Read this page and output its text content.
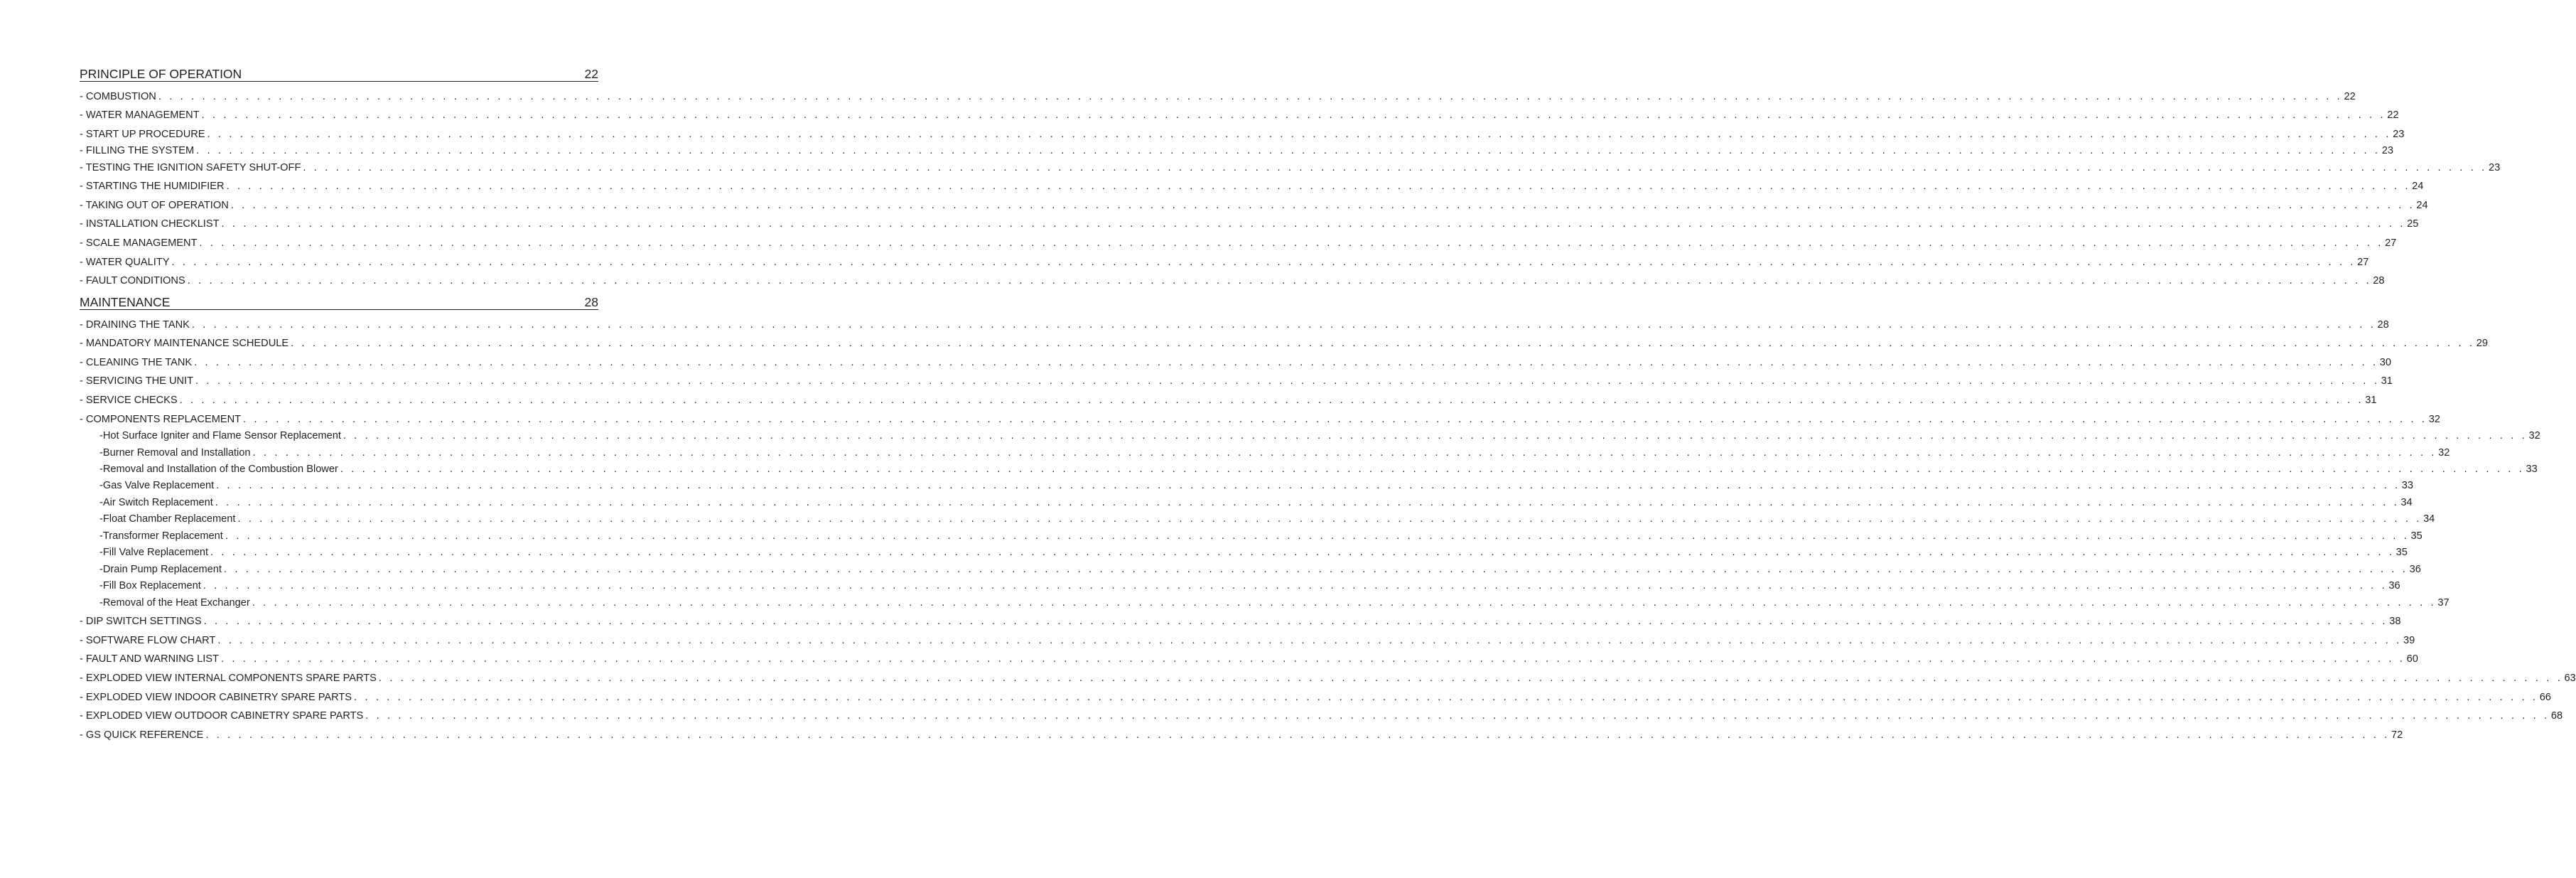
PRINCIPLE OF OPERATION	22
- COMBUSTION .  .  .  .  .  .  .  .  .  .  .  .  .  .  .  .  .  .  .  .  .  .  .  .  .  .  .  .  .  .  .  .  .  .  .  .  .  .  .  .  .  .  .  .  .  .  .  .  .  .  .  .  .  .  .  .  .  .  .  .  .  .  .  .  .  .  .  .  .  .  .  .  .  .  .  .  .  .  .  .  .  .  .  .  .  .  .  .  .  .  .  .  .  .  .  .  .  .  .  .  .  .  .  .  .  .  .  .  .  .  .  .  .  .  .  .  .  .  .  .  .  .  .  .  .  .  .  .  .  .  .  .  .  .  .  .  .  .  .  .  .  .  .  .  .  .  .  .  .  .  .  .  .  .  .  .  .  .  .  .  .  .  .  .  .  .  .  .  .  .  .  .  .  .  .  .  .  .  .  .  .  .  .  .  .  .  .  .  .  .  .  .  .  .  .  .  .  .  .  . 22
- WATER MANAGEMENT .  .  .  .  .  .  .  .  .  .  .  .  .  .  .  .  .  .  .  .  .  .  .  .  .  .  .  .  .  .  .  .  .  .  .  .  .  .  .  .  .  .  .  .  .  .  .  .  .  .  .  .  .  .  .  .  .  .  .  .  .  .  .  .  .  .  .  .  .  .  .  .  .  .  .  .  .  .  .  .  .  .  .  .  .  .  .  .  .  .  .  .  .  .  .  .  .  .  .  .  .  .  .  .  .  .  .  .  .  .  .  .  .  .  .  .  .  .  .  .  .  .  .  .  .  .  .  .  .  .  .  .  .  .  .  .  .  .  .  .  .  .  .  .  .  .  .  .  .  .  .  .  .  .  .  .  .  .  .  .  .  .  .  .  .  .  .  .  .  .  .  .  .  .  .  .  .  .  .  .  .  .  .  .  .  .  .  .  .  .  .  .  .  .  .  .  .  .  .  . 22
- START UP PROCEDURE .  .  .  .  .  .  .  .  .  .  .  .  .  .  .  .  .  .  .  .  .  .  .  .  .  .  .  .  .  .  .  .  .  .  .  .  .  .  .  .  .  .  .  .  .  .  .  .  .  .  .  .  .  .  .  .  .  .  .  .  .  .  .  .  .  .  .  .  .  .  .  .  .  .  .  .  .  .  .  .  .  .  .  .  .  .  .  .  .  .  .  .  .  .  .  .  .  .  .  .  .  .  .  .  .  .  .  .  .  .  .  .  .  .  .  .  .  .  .  .  .  .  .  .  .  .  .  .  .  .  .  .  .  .  .  .  .  .  .  .  .  .  .  .  .  .  .  .  .  .  .  .  .  .  .  .  .  .  .  .  .  .  .  .  .  .  .  .  .  .  .  .  .  .  .  .  .  .  .  .  .  .  .  .  .  .  .  .  .  .  .  .  .  .  .  .  .  .  .  . 23
- FILLING THE SYSTEM .  .  .  .  .  .  .  .  .  .  .  .  .  .  .  .  .  .  .  .  .  .  .  .  .  .  .  .  .  .  .  .  .  .  .  .  .  .  .  .  .  .  .  .  .  .  .  .  .  .  .  .  .  .  .  .  .  .  .  .  .  .  .  .  .  .  .  .  .  .  .  .  .  .  .  .  .  .  .  .  .  .  .  .  .  .  .  .  .  .  .  .  .  .  .  .  .  .  .  .  .  .  .  .  .  .  .  .  .  .  .  .  .  .  .  .  .  .  .  .  .  .  .  .  .  .  .  .  .  .  .  .  .  .  .  .  .  .  .  .  .  .  .  .  .  .  .  .  .  .  .  .  .  .  .  .  .  .  .  .  .  .  .  .  .  .  .  .  .  .  .  .  .  .  .  .  .  .  .  .  .  .  .  .  .  .  .  .  .  .  .  .  .  .  .  .  .  .  .  . 23
- TESTING THE IGNITION SAFETY SHUT-OFF .  .  .  .  .  .  .  .  .  .  .  .  .  .  .  .  .  .  .  .  .  .  .  .  .  .  .  .  .  .  .  .  .  .  .  .  .  .  .  .  .  .  .  .  .  .  .  .  .  .  .  .  .  .  .  .  .  .  .  .  .  .  .  .  .  .  .  .  .  .  .  .  .  .  .  .  .  .  .  .  .  .  .  .  .  .  .  .  .  .  .  .  .  .  .  .  .  .  .  .  .  .  .  .  .  .  .  .  .  .  .  .  .  .  .  .  .  .  .  .  .  .  .  .  .  .  .  .  .  .  .  .  .  .  .  .  .  .  .  .  .  .  .  .  .  .  .  .  .  .  .  .  .  .  .  .  .  .  .  .  .  .  .  .  .  .  .  .  .  .  .  .  .  .  .  .  .  .  .  .  .  .  .  .  .  .  .  .  .  .  .  .  .  .  .  .  .  .  .  . 23
- STARTING THE HUMIDIFIER .  .  .  .  .  .  .  .  .  .  .  .  .  .  .  .  .  .  .  .  .  .  .  .  .  .  .  .  .  .  .  .  .  .  .  .  .  .  .  .  .  .  .  .  .  .  .  .  .  .  .  .  .  .  .  .  .  .  .  .  .  .  .  .  .  .  .  .  .  .  .  .  .  .  .  .  .  .  .  .  .  .  .  .  .  .  .  .  .  .  .  .  .  .  .  .  .  .  .  .  .  .  .  .  .  .  .  .  .  .  .  .  .  .  .  .  .  .  .  .  .  .  .  .  .  .  .  .  .  .  .  .  .  .  .  .  .  .  .  .  .  .  .  .  .  .  .  .  .  .  .  .  .  .  .  .  .  .  .  .  .  .  .  .  .  .  .  .  .  .  .  .  .  .  .  .  .  .  .  .  .  .  .  .  .  .  .  .  .  .  .  .  .  .  .  .  .  .  .  . 24
- TAKING OUT OF OPERATION .  .  .  .  .  .  .  .  .  .  .  .  .  .  .  .  .  .  .  .  .  .  .  .  .  .  .  .  .  .  .  .  .  .  .  .  .  .  .  .  .  .  .  .  .  .  .  .  .  .  .  .  .  .  .  .  .  .  .  .  .  .  .  .  .  .  .  .  .  .  .  .  .  .  .  .  .  .  .  .  .  .  .  .  .  .  .  .  .  .  .  .  .  .  .  .  .  .  .  .  .  .  .  .  .  .  .  .  .  .  .  .  .  .  .  .  .  .  .  .  .  .  .  .  .  .  .  .  .  .  .  .  .  .  .  .  .  .  .  .  .  .  .  .  .  .  .  .  .  .  .  .  .  .  .  .  .  .  .  .  .  .  .  .  .  .  .  .  .  .  .  .  .  .  .  .  .  .  .  .  .  .  .  .  .  .  .  .  .  .  .  .  .  .  .  .  .  .  .  . 24
- INSTALLATION CHECKLIST .  .  .  .  .  .  .  .  .  .  .  .  .  .  .  .  .  .  .  .  .  .  .  .  .  .  .  .  .  .  .  .  .  .  .  .  .  .  .  .  .  .  .  .  .  .  .  .  .  .  .  .  .  .  .  .  .  .  .  .  .  .  .  .  .  .  .  .  .  .  .  .  .  .  .  .  .  .  .  .  .  .  .  .  .  .  .  .  .  .  .  .  .  .  .  .  .  .  .  .  .  .  .  .  .  .  .  .  .  .  .  .  .  .  .  .  .  .  .  .  .  .  .  .  .  .  .  .  .  .  .  .  .  .  .  .  .  .  .  .  .  .  .  .  .  .  .  .  .  .  .  .  .  .  .  .  .  .  .  .  .  .  .  .  .  .  .  .  .  .  .  .  .  .  .  .  .  .  .  .  .  .  .  .  .  .  .  .  .  .  .  .  .  .  .  .  .  .  .  . 25
- SCALE MANAGEMENT .  .  .  .  .  .  .  .  .  .  .  .  .  .  .  .  .  .  .  .  .  .  .  .  .  .  .  .  .  .  .  .  .  .  .  .  .  .  .  .  .  .  .  .  .  .  .  .  .  .  .  .  .  .  .  .  .  .  .  .  .  .  .  .  .  .  .  .  .  .  .  .  .  .  .  .  .  .  .  .  .  .  .  .  .  .  .  .  .  .  .  .  .  .  .  .  .  .  .  .  .  .  .  .  .  .  .  .  .  .  .  .  .  .  .  .  .  .  .  .  .  .  .  .  .  .  .  .  .  .  .  .  .  .  .  .  .  .  .  .  .  .  .  .  .  .  .  .  .  .  .  .  .  .  .  .  .  .  .  .  .  .  .  .  .  .  .  .  .  .  .  .  .  .  .  .  .  .  .  .  .  .  .  .  .  .  .  .  .  .  .  .  .  .  .  .  .  .  .  . 27
- WATER QUALITY .  .  .  .  .  .  .  .  .  .  .  .  .  .  .  .  .  .  .  .  .  .  .  .  .  .  .  .  .  .  .  .  .  .  .  .  .  .  .  .  .  .  .  .  .  .  .  .  .  .  .  .  .  .  .  .  .  .  .  .  .  .  .  .  .  .  .  .  .  .  .  .  .  .  .  .  .  .  .  .  .  .  .  .  .  .  .  .  .  .  .  .  .  .  .  .  .  .  .  .  .  .  .  .  .  .  .  .  .  .  .  .  .  .  .  .  .  .  .  .  .  .  .  .  .  .  .  .  .  .  .  .  .  .  .  .  .  .  .  .  .  .  .  .  .  .  .  .  .  .  .  .  .  .  .  .  .  .  .  .  .  .  .  .  .  .  .  .  .  .  .  .  .  .  .  .  .  .  .  .  .  .  .  .  .  .  .  .  .  .  .  .  .  .  .  .  .  .  .  . 27
- FAULT CONDITIONS .  .  .  .  .  .  .  .  .  .  .  .  .  .  .  .  .  .  .  .  .  .  .  .  .  .  .  .  .  .  .  .  .  .  .  .  .  .  .  .  .  .  .  .  .  .  .  .  .  .  .  .  .  .  .  .  .  .  .  .  .  .  .  .  .  .  .  .  .  .  .  .  .  .  .  .  .  .  .  .  .  .  .  .  .  .  .  .  .  .  .  .  .  .  .  .  .  .  .  .  .  .  .  .  .  .  .  .  .  .  .  .  .  .  .  .  .  .  .  .  .  .  .  .  .  .  .  .  .  .  .  .  .  .  .  .  .  .  .  .  .  .  .  .  .  .  .  .  .  .  .  .  .  .  .  .  .  .  .  .  .  .  .  .  .  .  .  .  .  .  .  .  .  .  .  .  .  .  .  .  .  .  .  .  .  .  .  .  .  .  .  .  .  .  .  .  .  .  .  . 28
MAINTENANCE	28
- DRAINING THE TANK .  .  .  .  .  .  .  .  .  .  .  .  .  .  .  .  .  .  .  .  .  .  .  .  .  .  .  .  .  .  .  .  .  .  .  .  .  .  .  .  .  .  .  .  .  .  .  .  .  .  .  .  .  .  .  .  .  .  .  .  .  .  .  .  .  .  .  .  .  .  .  .  .  .  .  .  .  .  .  .  .  .  .  .  .  .  .  .  .  .  .  .  .  .  .  .  .  .  .  .  .  .  .  .  .  .  .  .  .  .  .  .  .  .  .  .  .  .  .  .  .  .  .  .  .  .  .  .  .  .  .  .  .  .  .  .  .  .  .  .  .  .  .  .  .  .  .  .  .  .  .  .  .  .  .  .  .  .  .  .  .  .  .  .  .  .  .  .  .  .  .  .  .  .  .  .  .  .  .  .  .  .  .  .  .  .  .  .  .  .  .  .  .  .  .  .  .  .  .  . 28
- MANDATORY MAINTENANCE SCHEDULE .  .  .  .  .  .  .  .  .  .  .  .  .  .  .  .  .  .  .  .  .  .  .  .  .  .  .  .  .  .  .  .  .  .  .  .  .  .  .  .  .  .  .  .  .  .  .  .  .  .  .  .  .  .  .  .  .  .  .  .  .  .  .  .  .  .  .  .  .  .  .  .  .  .  .  .  .  .  .  .  .  .  .  .  .  .  .  .  .  .  .  .  .  .  .  .  .  .  .  .  .  .  .  .  .  .  .  .  .  .  .  .  .  .  .  .  .  .  .  .  .  .  .  .  .  .  .  .  .  .  .  .  .  .  .  .  .  .  .  .  .  .  .  .  .  .  .  .  .  .  .  .  .  .  .  .  .  .  .  .  .  .  .  .  .  .  .  .  .  .  .  .  .  .  .  .  .  .  .  .  .  .  .  .  .  .  .  .  .  .  .  .  .  .  .  .  .  .  .  . 29
- CLEANING THE TANK .  .  .  .  .  .  .  .  .  .  .  .  .  .  .  .  .  .  .  .  .  .  .  .  .  .  .  .  .  .  .  .  .  .  .  .  .  .  .  .  .  .  .  .  .  .  .  .  .  .  .  .  .  .  .  .  .  .  .  .  .  .  .  .  .  .  .  .  .  .  .  .  .  .  .  .  .  .  .  .  .  .  .  .  .  .  .  .  .  .  .  .  .  .  .  .  .  .  .  .  .  .  .  .  .  .  .  .  .  .  .  .  .  .  .  .  .  .  .  .  .  .  .  .  .  .  .  .  .  .  .  .  .  .  .  .  .  .  .  .  .  .  .  .  .  .  .  .  .  .  .  .  .  .  .  .  .  .  .  .  .  .  .  .  .  .  .  .  .  .  .  .  .  .  .  .  .  .  .  .  .  .  .  .  .  .  .  .  .  .  .  .  .  .  .  .  .  .  .  . 30
- SERVICING THE UNIT .  .  .  .  .  .  .  .  .  .  .  .  .  .  .  .  .  .  .  .  .  .  .  .  .  .  .  .  .  .  .  .  .  .  .  .  .  .  .  .  .  .  .  .  .  .  .  .  .  .  .  .  .  .  .  .  .  .  .  .  .  .  .  .  .  .  .  .  .  .  .  .  .  .  .  .  .  .  .  .  .  .  .  .  .  .  .  .  .  .  .  .  .  .  .  .  .  .  .  .  .  .  .  .  .  .  .  .  .  .  .  .  .  .  .  .  .  .  .  .  .  .  .  .  .  .  .  .  .  .  .  .  .  .  .  .  .  .  .  .  .  .  .  .  .  .  .  .  .  .  .  .  .  .  .  .  .  .  .  .  .  .  .  .  .  .  .  .  .  .  .  .  .  .  .  .  .  .  .  .  .  .  .  .  .  .  .  .  .  .  .  .  .  .  .  .  .  .  .  . 31
- SERVICE CHECKS .  .  .  .  .  .  .  .  .  .  .  .  .  .  .  .  .  .  .  .  .  .  .  .  .  .  .  .  .  .  .  .  .  .  .  .  .  .  .  .  .  .  .  .  .  .  .  .  .  .  .  .  .  .  .  .  .  .  .  .  .  .  .  .  .  .  .  .  .  .  .  .  .  .  .  .  .  .  .  .  .  .  .  .  .  .  .  .  .  .  .  .  .  .  .  .  .  .  .  .  .  .  .  .  .  .  .  .  .  .  .  .  .  .  .  .  .  .  .  .  .  .  .  .  .  .  .  .  .  .  .  .  .  .  .  .  .  .  .  .  .  .  .  .  .  .  .  .  .  .  .  .  .  .  .  .  .  .  .  .  .  .  .  .  .  .  .  .  .  .  .  .  .  .  .  .  .  .  .  .  .  .  .  .  .  .  .  .  .  .  .  .  .  .  .  .  .  .  .  . 31
- COMPONENTS REPLACEMENT .  .  .  .  .  .  .  .  .  .  .  .  .  .  .  .  .  .  .  .  .  .  .  .  .  .  .  .  .  .  .  .  .  .  .  .  .  .  .  .  .  .  .  .  .  .  .  .  .  .  .  .  .  .  .  .  .  .  .  .  .  .  .  .  .  .  .  .  .  .  .  .  .  .  .  .  .  .  .  .  .  .  .  .  .  .  .  .  .  .  .  .  .  .  .  .  .  .  .  .  .  .  .  .  .  .  .  .  .  .  .  .  .  .  .  .  .  .  .  .  .  .  .  .  .  .  .  .  .  .  .  .  .  .  .  .  .  .  .  .  .  .  .  .  .  .  .  .  .  .  .  .  .  .  .  .  .  .  .  .  .  .  .  .  .  .  .  .  .  .  .  .  .  .  .  .  .  .  .  .  .  .  .  .  .  .  .  .  .  .  .  .  .  .  .  .  .  .  .  . 32
-Hot Surface Igniter and Flame Sensor Replacement .  .  .  .  .  .  .  .  .  .  .  .  .  .  .  .  .  .  .  .  .  .  .  .  .  .  .  .  .  .  .  .  .  .  .  .  .  .  .  .  .  .  .  .  .  .  .  .  .  .  .  .  .  .  .  .  .  .  .  .  .  .  .  .  .  .  .  .  .  .  .  .  .  .  .  .  .  .  .  .  .  .  .  .  .  .  .  .  .  .  .  .  .  .  .  .  .  .  .  .  .  .  .  .  .  .  .  .  .  .  .  .  .  .  .  .  .  .  .  .  .  .  .  .  .  .  .  .  .  .  .  .  .  .  .  .  .  .  .  .  .  .  .  .  .  .  .  .  .  .  .  .  .  .  .  .  .  .  .  .  .  .  .  .  .  .  .  .  .  .  .  .  .  .  .  .  .  .  .  .  .  .  .  .  .  .  .  .  .  .  .  .  .  .  .  .  .  .  .  . 32
-Burner Removal and Installation .  .  .  .  .  .  .  .  .  .  .  .  .  .  .  .  .  .  .  .  .  .  .  .  .  .  .  .  .  .  .  .  .  .  .  .  .  .  .  .  .  .  .  .  .  .  .  .  .  .  .  .  .  .  .  .  .  .  .  .  .  .  .  .  .  .  .  .  .  .  .  .  .  .  .  .  .  .  .  .  .  .  .  .  .  .  .  .  .  .  .  .  .  .  .  .  .  .  .  .  .  .  .  .  .  .  .  .  .  .  .  .  .  .  .  .  .  .  .  .  .  .  .  .  .  .  .  .  .  .  .  .  .  .  .  .  .  .  .  .  .  .  .  .  .  .  .  .  .  .  .  .  .  .  .  .  .  .  .  .  .  .  .  .  .  .  .  .  .  .  .  .  .  .  .  .  .  .  .  .  .  .  .  .  .  .  .  .  .  .  .  .  .  .  .  .  .  .  .  . 32
-Removal and Installation of the Combustion Blower .  .  .  .  .  .  .  .  .  .  .  .  .  .  .  .  .  .  .  .  .  .  .  .  .  .  .  .  .  .  .  .  .  .  .  .  .  .  .  .  .  .  .  .  .  .  .  .  .  .  .  .  .  .  .  .  .  .  .  .  .  .  .  .  .  .  .  .  .  .  .  .  .  .  .  .  .  .  .  .  .  .  .  .  .  .  .  .  .  .  .  .  .  .  .  .  .  .  .  .  .  .  .  .  .  .  .  .  .  .  .  .  .  .  .  .  .  .  .  .  .  .  .  .  .  .  .  .  .  .  .  .  .  .  .  .  .  .  .  .  .  .  .  .  .  .  .  .  .  .  .  .  .  .  .  .  .  .  .  .  .  .  .  .  .  .  .  .  .  .  .  .  .  .  .  .  .  .  .  .  .  .  .  .  .  .  .  .  .  .  .  .  .  .  .  .  .  .  .  . 33
-Gas Valve Replacement .  .  .  .  .  .  .  .  .  .  .  .  .  .  .  .  .  .  .  .  .  .  .  .  .  .  .  .  .  .  .  .  .  .  .  .  .  .  .  .  .  .  .  .  .  .  .  .  .  .  .  .  .  .  .  .  .  .  .  .  .  .  .  .  .  .  .  .  .  .  .  .  .  .  .  .  .  .  .  .  .  .  .  .  .  .  .  .  .  .  .  .  .  .  .  .  .  .  .  .  .  .  .  .  .  .  .  .  .  .  .  .  .  .  .  .  .  .  .  .  .  .  .  .  .  .  .  .  .  .  .  .  .  .  .  .  .  .  .  .  .  .  .  .  .  .  .  .  .  .  .  .  .  .  .  .  .  .  .  .  .  .  .  .  .  .  .  .  .  .  .  .  .  .  .  .  .  .  .  .  .  .  .  .  .  .  .  .  .  .  .  .  .  .  .  .  .  .  .  . 33
-Air Switch Replacement .  .  .  .  .  .  .  .  .  .  .  .  .  .  .  .  .  .  .  .  .  .  .  .  .  .  .  .  .  .  .  .  .  .  .  .  .  .  .  .  .  .  .  .  .  .  .  .  .  .  .  .  .  .  .  .  .  .  .  .  .  .  .  .  .  .  .  .  .  .  .  .  .  .  .  .  .  .  .  .  .  .  .  .  .  .  .  .  .  .  .  .  .  .  .  .  .  .  .  .  .  .  .  .  .  .  .  .  .  .  .  .  .  .  .  .  .  .  .  .  .  .  .  .  .  .  .  .  .  .  .  .  .  .  .  .  .  .  .  .  .  .  .  .  .  .  .  .  .  .  .  .  .  .  .  .  .  .  .  .  .  .  .  .  .  .  .  .  .  .  .  .  .  .  .  .  .  .  .  .  .  .  .  .  .  .  .  .  .  .  .  .  .  .  .  .  .  .  .  . 34
-Float Chamber Replacement .  .  .  .  .  .  .  .  .  .  .  .  .  .  .  .  .  .  .  .  .  .  .  .  .  .  .  .  .  .  .  .  .  .  .  .  .  .  .  .  .  .  .  .  .  .  .  .  .  .  .  .  .  .  .  .  .  .  .  .  .  .  .  .  .  .  .  .  .  .  .  .  .  .  .  .  .  .  .  .  .  .  .  .  .  .  .  .  .  .  .  .  .  .  .  .  .  .  .  .  .  .  .  .  .  .  .  .  .  .  .  .  .  .  .  .  .  .  .  .  .  .  .  .  .  .  .  .  .  .  .  .  .  .  .  .  .  .  .  .  .  .  .  .  .  .  .  .  .  .  .  .  .  .  .  .  .  .  .  .  .  .  .  .  .  .  .  .  .  .  .  .  .  .  .  .  .  .  .  .  .  .  .  .  .  .  .  .  .  .  .  .  .  .  .  .  .  .  .  . 34
-Transformer Replacement .  .  .  .  .  .  .  .  .  .  .  .  .  .  .  .  .  .  .  .  .  .  .  .  .  .  .  .  .  .  .  .  .  .  .  .  .  .  .  .  .  .  .  .  .  .  .  .  .  .  .  .  .  .  .  .  .  .  .  .  .  .  .  .  .  .  .  .  .  .  .  .  .  .  .  .  .  .  .  .  .  .  .  .  .  .  .  .  .  .  .  .  .  .  .  .  .  .  .  .  .  .  .  .  .  .  .  .  .  .  .  .  .  .  .  .  .  .  .  .  .  .  .  .  .  .  .  .  .  .  .  .  .  .  .  .  .  .  .  .  .  .  .  .  .  .  .  .  .  .  .  .  .  .  .  .  .  .  .  .  .  .  .  .  .  .  .  .  .  .  .  .  .  .  .  .  .  .  .  .  .  .  .  .  .  .  .  .  .  .  .  .  .  .  .  .  .  .  .  . 35
-Fill Valve Replacement .  .  .  .  .  .  .  .  .  .  .  .  .  .  .  .  .  .  .  .  .  .  .  .  .  .  .  .  .  .  .  .  .  .  .  .  .  .  .  .  .  .  .  .  .  .  .  .  .  .  .  .  .  .  .  .  .  .  .  .  .  .  .  .  .  .  .  .  .  .  .  .  .  .  .  .  .  .  .  .  .  .  .  .  .  .  .  .  .  .  .  .  .  .  .  .  .  .  .  .  .  .  .  .  .  .  .  .  .  .  .  .  .  .  .  .  .  .  .  .  .  .  .  .  .  .  .  .  .  .  .  .  .  .  .  .  .  .  .  .  .  .  .  .  .  .  .  .  .  .  .  .  .  .  .  .  .  .  .  .  .  .  .  .  .  .  .  .  .  .  .  .  .  .  .  .  .  .  .  .  .  .  .  .  .  .  .  .  .  .  .  .  .  .  .  .  .  .  .  . 35
-Drain Pump Replacement .  .  .  .  .  .  .  .  .  .  .  .  .  .  .  .  .  .  .  .  .  .  .  .  .  .  .  .  .  .  .  .  .  .  .  .  .  .  .  .  .  .  .  .  .  .  .  .  .  .  .  .  .  .  .  .  .  .  .  .  .  .  .  .  .  .  .  .  .  .  .  .  .  .  .  .  .  .  .  .  .  .  .  .  .  .  .  .  .  .  .  .  .  .  .  .  .  .  .  .  .  .  .  .  .  .  .  .  .  .  .  .  .  .  .  .  .  .  .  .  .  .  .  .  .  .  .  .  .  .  .  .  .  .  .  .  .  .  .  .  .  .  .  .  .  .  .  .  .  .  .  .  .  .  .  .  .  .  .  .  .  .  .  .  .  .  .  .  .  .  .  .  .  .  .  .  .  .  .  .  .  .  .  .  .  .  .  .  .  .  .  .  .  .  .  .  .  .  .  . 36
-Fill Box Replacement .  .  .  .  .  .  .  .  .  .  .  .  .  .  .  .  .  .  .  .  .  .  .  .  .  .  .  .  .  .  .  .  .  .  .  .  .  .  .  .  .  .  .  .  .  .  .  .  .  .  .  .  .  .  .  .  .  .  .  .  .  .  .  .  .  .  .  .  .  .  .  .  .  .  .  .  .  .  .  .  .  .  .  .  .  .  .  .  .  .  .  .  .  .  .  .  .  .  .  .  .  .  .  .  .  .  .  .  .  .  .  .  .  .  .  .  .  .  .  .  .  .  .  .  .  .  .  .  .  .  .  .  .  .  .  .  .  .  .  .  .  .  .  .  .  .  .  .  .  .  .  .  .  .  .  .  .  .  .  .  .  .  .  .  .  .  .  .  .  .  .  .  .  .  .  .  .  .  .  .  .  .  .  .  .  .  .  .  .  .  .  .  .  .  .  .  .  .  .  . 36
-Removal of the Heat Exchanger .  .  .  .  .  .  .  .  .  .  .  .  .  .  .  .  .  .  .  .  .  .  .  .  .  .  .  .  .  .  .  .  .  .  .  .  .  .  .  .  .  .  .  .  .  .  .  .  .  .  .  .  .  .  .  .  .  .  .  .  .  .  .  .  .  .  .  .  .  .  .  .  .  .  .  .  .  .  .  .  .  .  .  .  .  .  .  .  .  .  .  .  .  .  .  .  .  .  .  .  .  .  .  .  .  .  .  .  .  .  .  .  .  .  .  .  .  .  .  .  .  .  .  .  .  .  .  .  .  .  .  .  .  .  .  .  .  .  .  .  .  .  .  .  .  .  .  .  .  .  .  .  .  .  .  .  .  .  .  .  .  .  .  .  .  .  .  .  .  .  .  .  .  .  .  .  .  .  .  .  .  .  .  .  .  .  .  .  .  .  .  .  .  .  .  .  .  .  .  . 37
- DIP SWITCH SETTINGS .  .  .  .  .  .  .  .  .  .  .  .  .  .  .  .  .  .  .  .  .  .  .  .  .  .  .  .  .  .  .  .  .  .  .  .  .  .  .  .  .  .  .  .  .  .  .  .  .  .  .  .  .  .  .  .  .  .  .  .  .  .  .  .  .  .  .  .  .  .  .  .  .  .  .  .  .  .  .  .  .  .  .  .  .  .  .  .  .  .  .  .  .  .  .  .  .  .  .  .  .  .  .  .  .  .  .  .  .  .  .  .  .  .  .  .  .  .  .  .  .  .  .  .  .  .  .  .  .  .  .  .  .  .  .  .  .  .  .  .  .  .  .  .  .  .  .  .  .  .  .  .  .  .  .  .  .  .  .  .  .  .  .  .  .  .  .  .  .  .  .  .  .  .  .  .  .  .  .  .  .  .  .  .  .  .  .  .  .  .  .  .  .  .  .  .  .  .  .  . 38
- SOFTWARE FLOW CHART .  .  .  .  .  .  .  .  .  .  .  .  .  .  .  .  .  .  .  .  .  .  .  .  .  .  .  .  .  .  .  .  .  .  .  .  .  .  .  .  .  .  .  .  .  .  .  .  .  .  .  .  .  .  .  .  .  .  .  .  .  .  .  .  .  .  .  .  .  .  .  .  .  .  .  .  .  .  .  .  .  .  .  .  .  .  .  .  .  .  .  .  .  .  .  .  .  .  .  .  .  .  .  .  .  .  .  .  .  .  .  .  .  .  .  .  .  .  .  .  .  .  .  .  .  .  .  .  .  .  .  .  .  .  .  .  .  .  .  .  .  .  .  .  .  .  .  .  .  .  .  .  .  .  .  .  .  .  .  .  .  .  .  .  .  .  .  .  .  .  .  .  .  .  .  .  .  .  .  .  .  .  .  .  .  .  .  .  .  .  .  .  .  .  .  .  .  .  .  . 39
- FAULT AND WARNING LIST .  .  .  .  .  .  .  .  .  .  .  .  .  .  .  .  .  .  .  .  .  .  .  .  .  .  .  .  .  .  .  .  .  .  .  .  .  .  .  .  .  .  .  .  .  .  .  .  .  .  .  .  .  .  .  .  .  .  .  .  .  .  .  .  .  .  .  .  .  .  .  .  .  .  .  .  .  .  .  .  .  .  .  .  .  .  .  .  .  .  .  .  .  .  .  .  .  .  .  .  .  .  .  .  .  .  .  .  .  .  .  .  .  .  .  .  .  .  .  .  .  .  .  .  .  .  .  .  .  .  .  .  .  .  .  .  .  .  .  .  .  .  .  .  .  .  .  .  .  .  .  .  .  .  .  .  .  .  .  .  .  .  .  .  .  .  .  .  .  .  .  .  .  .  .  .  .  .  .  .  .  .  .  .  .  .  .  .  .  .  .  .  .  .  .  .  .  .  .  . 60
- EXPLODED VIEW INTERNAL COMPONENTS SPARE PARTS .  .  .  .  .  .  .  .  .  .  .  .  .  .  .  .  .  .  .  .  .  .  .  .  .  .  .  .  .  .  .  .  .  .  .  .  .  .  .  .  .  .  .  .  .  .  .  .  .  .  .  .  .  .  .  .  .  .  .  .  .  .  .  .  .  .  .  .  .  .  .  .  .  .  .  .  .  .  .  .  .  .  .  .  .  .  .  .  .  .  .  .  .  .  .  .  .  .  .  .  .  .  .  .  .  .  .  .  .  .  .  .  .  .  .  .  .  .  .  .  .  .  .  .  .  .  .  .  .  .  .  .  .  .  .  .  .  .  .  .  .  .  .  .  .  .  .  .  .  .  .  .  .  .  .  .  .  .  .  .  .  .  .  .  .  .  .  .  .  .  .  .  .  .  .  .  .  .  .  .  .  .  .  .  .  .  .  .  .  .  .  .  .  .  .  .  .  .  .  . 63
- EXPLODED VIEW INDOOR CABINETRY SPARE PARTS .  .  .  .  .  .  .  .  .  .  .  .  .  .  .  .  .  .  .  .  .  .  .  .  .  .  .  .  .  .  .  .  .  .  .  .  .  .  .  .  .  .  .  .  .  .  .  .  .  .  .  .  .  .  .  .  .  .  .  .  .  .  .  .  .  .  .  .  .  .  .  .  .  .  .  .  .  .  .  .  .  .  .  .  .  .  .  .  .  .  .  .  .  .  .  .  .  .  .  .  .  .  .  .  .  .  .  .  .  .  .  .  .  .  .  .  .  .  .  .  .  .  .  .  .  .  .  .  .  .  .  .  .  .  .  .  .  .  .  .  .  .  .  .  .  .  .  .  .  .  .  .  .  .  .  .  .  .  .  .  .  .  .  .  .  .  .  .  .  .  .  .  .  .  .  .  .  .  .  .  .  .  .  .  .  .  .  .  .  .  .  .  .  .  .  .  .  .  .  . 66
- EXPLODED VIEW OUTDOOR CABINETRY SPARE PARTS .  .  .  .  .  .  .  .  .  .  .  .  .  .  .  .  .  .  .  .  .  .  .  .  .  .  .  .  .  .  .  .  .  .  .  .  .  .  .  .  .  .  .  .  .  .  .  .  .  .  .  .  .  .  .  .  .  .  .  .  .  .  .  .  .  .  .  .  .  .  .  .  .  .  .  .  .  .  .  .  .  .  .  .  .  .  .  .  .  .  .  .  .  .  .  .  .  .  .  .  .  .  .  .  .  .  .  .  .  .  .  .  .  .  .  .  .  .  .  .  .  .  .  .  .  .  .  .  .  .  .  .  .  .  .  .  .  .  .  .  .  .  .  .  .  .  .  .  .  .  .  .  .  .  .  .  .  .  .  .  .  .  .  .  .  .  .  .  .  .  .  .  .  .  .  .  .  .  .  .  .  .  .  .  .  .  .  .  .  .  .  .  .  .  .  .  .  .  .  . 68
- GS QUICK REFERENCE .  .  .  .  .  .  .  .  .  .  .  .  .  .  .  .  .  .  .  .  .  .  .  .  .  .  .  .  .  .  .  .  .  .  .  .  .  .  .  .  .  .  .  .  .  .  .  .  .  .  .  .  .  .  .  .  .  .  .  .  .  .  .  .  .  .  .  .  .  .  .  .  .  .  .  .  .  .  .  .  .  .  .  .  .  .  .  .  .  .  .  .  .  .  .  .  .  .  .  .  .  .  .  .  .  .  .  .  .  .  .  .  .  .  .  .  .  .  .  .  .  .  .  .  .  .  .  .  .  .  .  .  .  .  .  .  .  .  .  .  .  .  .  .  .  .  .  .  .  .  .  .  .  .  .  .  .  .  .  .  .  .  .  .  .  .  .  .  .  .  .  .  .  .  .  .  .  .  .  .  .  .  .  .  .  .  .  .  .  .  .  .  .  .  .  .  .  .  .  . 72
